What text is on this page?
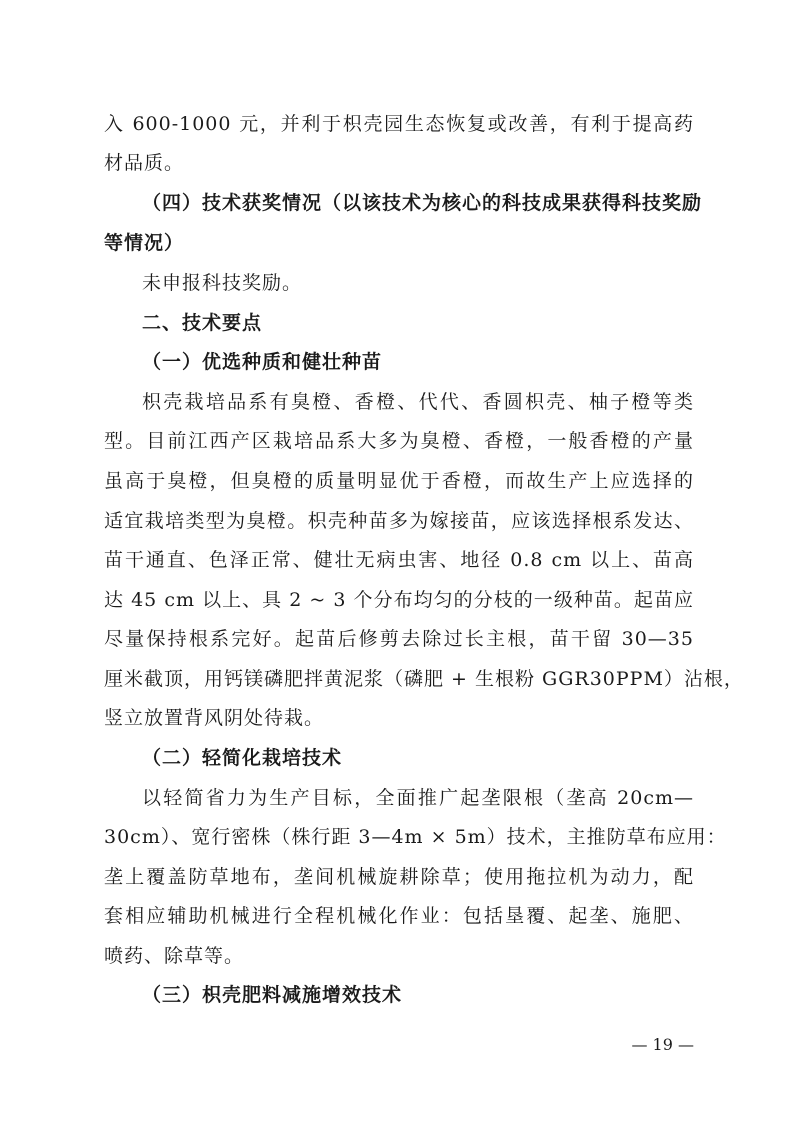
入 600-1000 元，并利于枳壳园生态恢复或改善，有利于提高药
材品质。
（四）技术获奖情况（以该技术为核心的科技成果获得科技奖励
等情况）
未申报科技奖励。
二、技术要点
（一）优选种质和健壮种苗
枳壳栽培品系有臭橙、香橙、代代、香圆枳壳、柚子橙等类
型。目前江西产区栽培品系大多为臭橙、香橙，一般香橙的产量
虽高于臭橙，但臭橙的质量明显优于香橙，而故生产上应选择的
适宜栽培类型为臭橙。枳壳种苗多为嫁接苗，应该选择根系发达、
苗干通直、色泽正常、健壮无病虫害、地径 0.8 cm 以上、苗高
达 45 cm 以上、具 2 ~ 3 个分布均匀的分枝的一级种苗。起苗应
尽量保持根系完好。起苗后修剪去除过长主根，苗干留 30—35
厘米截顶，用钙镁磷肥拌黄泥浆（磷肥 + 生根粉 GGR30PPM）沾根，
竖立放置背风阴处待栽。
（二）轻简化栽培技术
以轻简省力为生产目标，全面推广起垄限根（垄高 20cm—
30cm）、宽行密株（株行距 3—4m × 5m）技术，主推防草布应用：
垄上覆盖防草地布，垄间机械旋耕除草；使用拖拉机为动力，配
套相应辅助机械进行全程机械化作业：包括垦覆、起垄、施肥、
喷药、除草等。
（三）枳壳肥料减施增效技术
— 19 —
